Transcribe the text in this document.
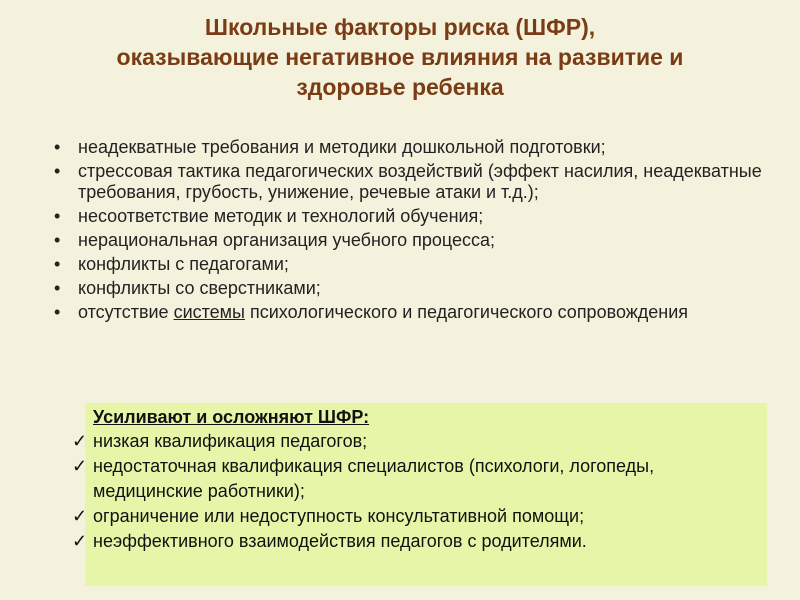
Школьные факторы риска (ШФР),
оказывающие негативное влияния на развитие и
здоровье ребенка
• неадекватные требования и методики дошкольной подготовки;
• стрессовая тактика педагогических воздействий (эффект насилия, неадекватные требования, грубость, унижение, речевые атаки и т.д.);
• несоответствие методик и технологий обучения;
• нерациональная организация учебного процесса;
• конфликты с педагогами;
• конфликты со сверстниками;
• отсутствие системы психологического и педагогического сопровождения
Усиливают и осложняют ШФР:
✓ низкая квалификация педагогов;
✓ недостаточная квалификация специалистов (психологи, логопеды,
медицинские работники);
✓ ограничение или недоступность консультативной помощи;
✓ неэффективного взаимодействия педагогов с родителями.
